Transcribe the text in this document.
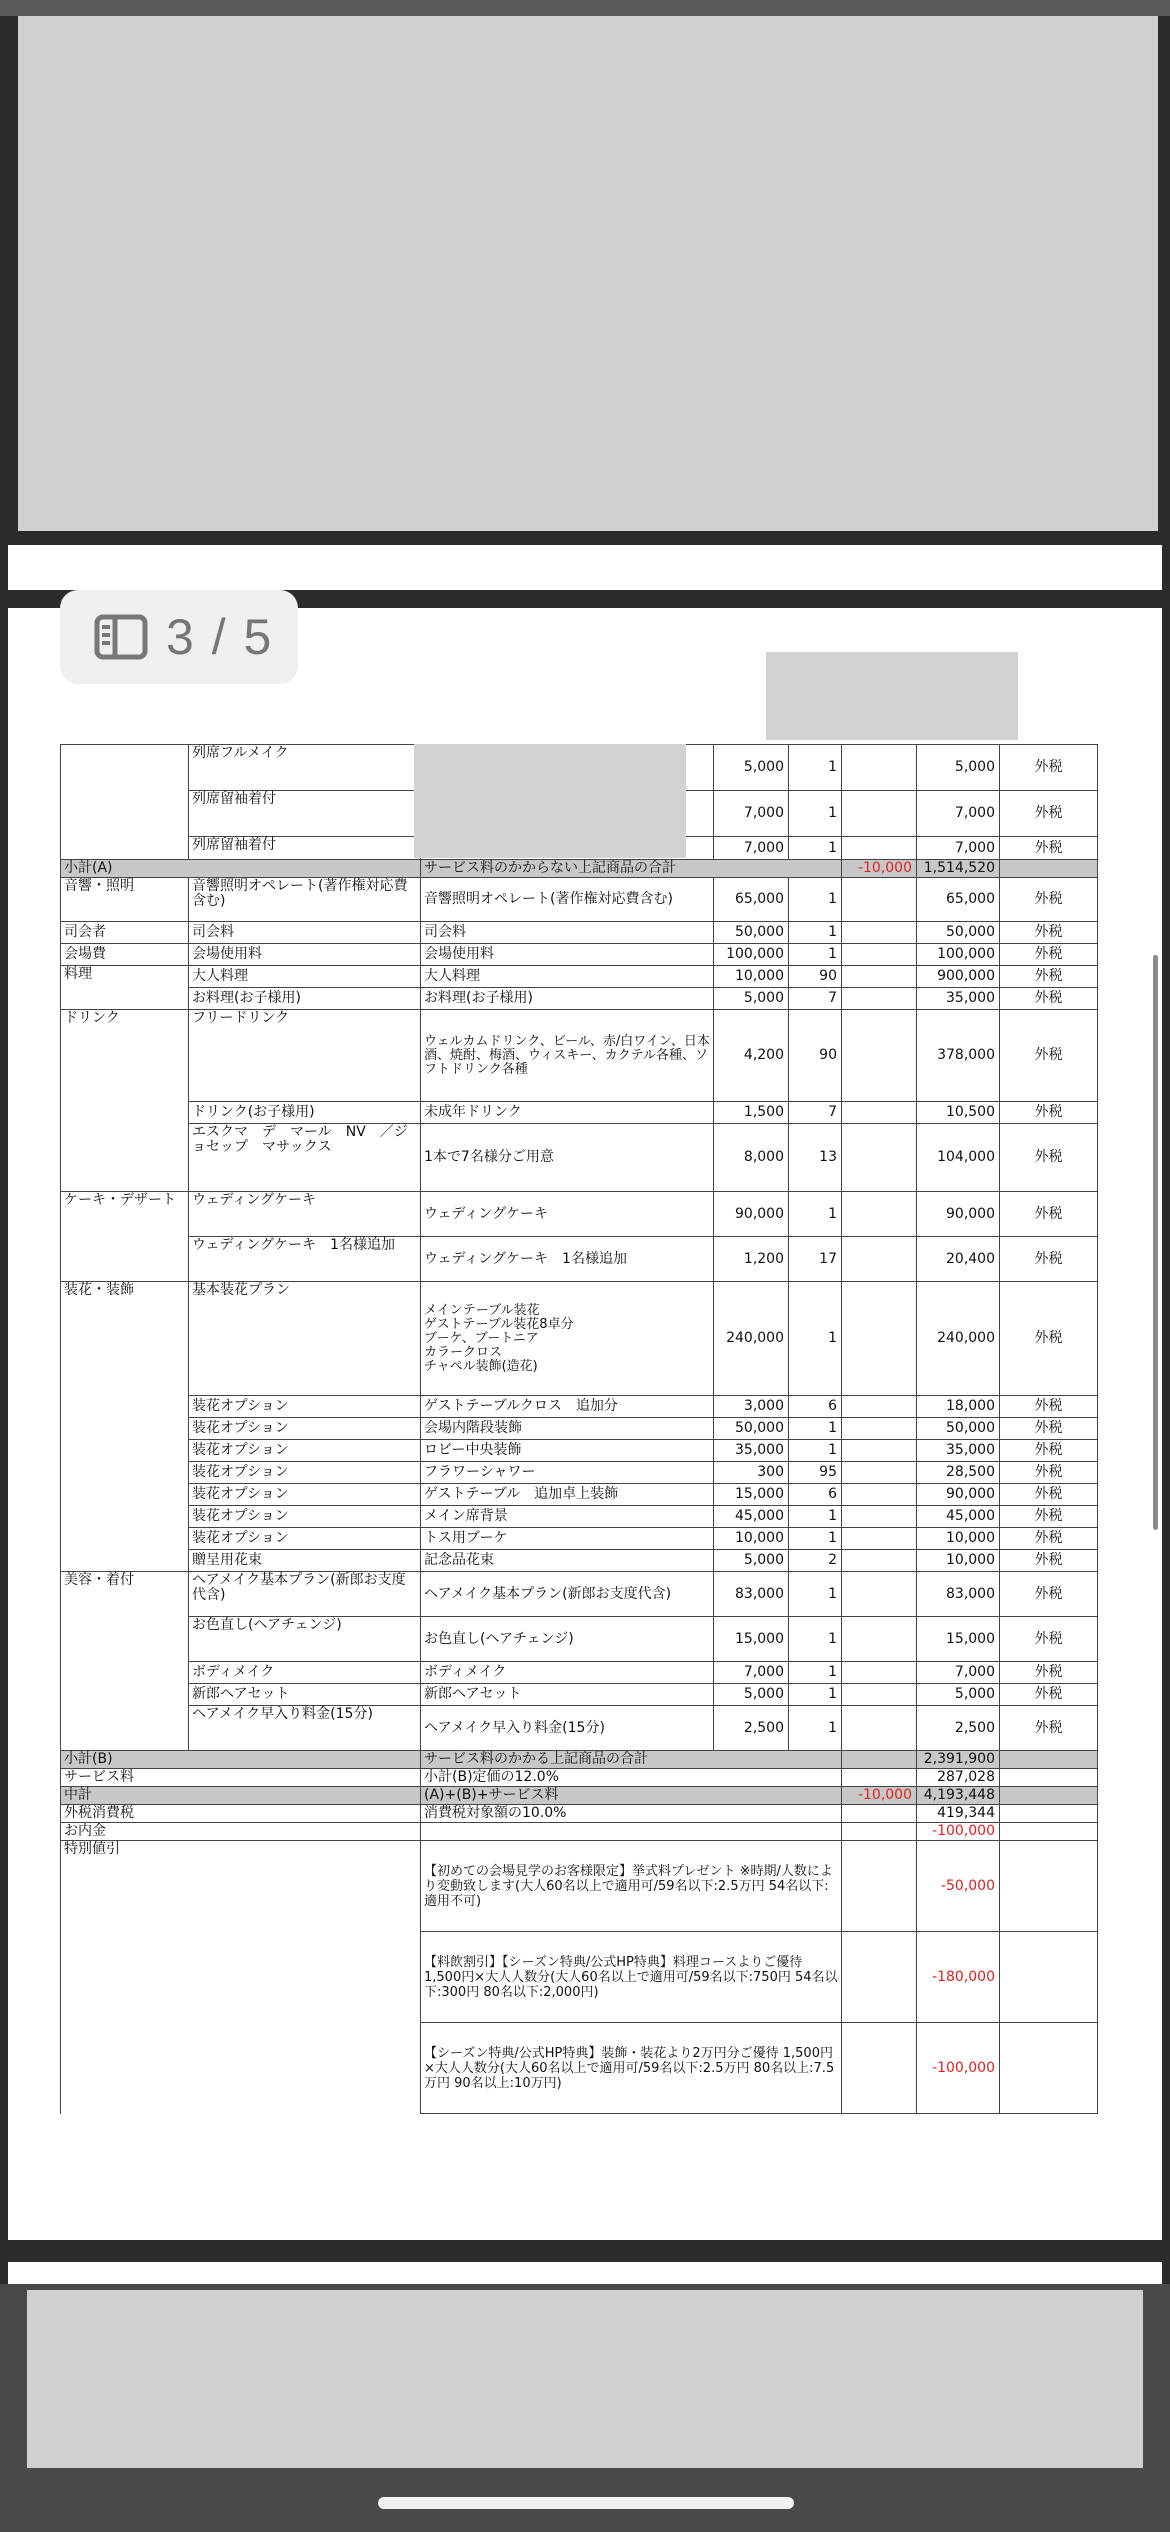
3 / 5
	列席フルメイク		5,000	1		5,000	外税
	列席留袖着付		7,000	1		7,000	外税
	列席留袖着付		7,000	1		7,000	外税
小計(A)		サービス料のかからない上記商品の合計			-10,000	1,514,520	
音響・照明	音響照明オペレート(著作権対応費含む)	音響照明オペレート(著作権対応費含む)	65,000	1		65,000	外税
司会者	司会料	司会料	50,000	1		50,000	外税
会場費	会場使用料	会場使用料	100,000	1		100,000	外税
料理	大人料理	大人料理	10,000	90		900,000	外税
	お料理(お子様用)	お料理(お子様用)	5,000	7		35,000	外税
ドリンク	フリードリンク	ウェルカムドリンク、ビール、赤/白ワイン、日本酒、焼酎、梅酒、ウィスキー、カクテル各種、ソフトドリンク各種	4,200	90		378,000	外税
	ドリンク(お子様用)	未成年ドリンク	1,500	7		10,500	外税
	エスクマ　デ　マール　NV　／ジョセップ　マサックス	1本で7名様分ご用意	8,000	13		104,000	外税
ケーキ・デザート	ウェディングケーキ	ウェディングケーキ	90,000	1		90,000	外税
	ウェディングケーキ　1名様追加	ウェディングケーキ　1名様追加	1,200	17		20,400	外税
装花・装飾	基本装花プラン	メインテーブル装花
ゲストテーブル装花8卓分
ブーケ、ブートニア
カラークロス
チャペル装飾(造花)	240,000	1		240,000	外税
	装花オプション	ゲストテーブルクロス　追加分	3,000	6		18,000	外税
	装花オプション	会場内階段装飾	50,000	1		50,000	外税
	装花オプション	ロビー中央装飾	35,000	1		35,000	外税
	装花オプション	フラワーシャワー	300	95		28,500	外税
	装花オプション	ゲストテーブル　追加卓上装飾	15,000	6		90,000	外税
	装花オプション	メイン席背景	45,000	1		45,000	外税
	装花オプション	トス用ブーケ	10,000	1		10,000	外税
	贈呈用花束	記念品花束	5,000	2		10,000	外税
美容・着付	ヘアメイク基本プラン(新郎お支度代含)	ヘアメイク基本プラン(新郎お支度代含)	83,000	1		83,000	外税
	お色直し(ヘアチェンジ)	お色直し(ヘアチェンジ)	15,000	1		15,000	外税
	ボディメイク	ボディメイク	7,000	1		7,000	外税
	新郎ヘアセット	新郎ヘアセット	5,000	1		5,000	外税
	ヘアメイク早入り料金(15分)	ヘアメイク早入り料金(15分)	2,500	1		2,500	外税
小計(B)		サービス料のかかる上記商品の合計				2,391,900	
サービス料		小計(B)定価の12.0%				287,028	
中計		(A)+(B)+サービス料			-10,000	4,193,448	
外税消費税		消費税対象額の10.0%				419,344	
お内金						-100,000	
特別値引		【初めての会場見学のお客様限定】挙式料プレゼント ※時期/人数により変動致します(大人60名以上で適用可/59名以下:2.5万円 54名以下:適用不可)				-50,000	
		【料飲割引】【シーズン特典/公式HP特典】料理コースよりご優待1,500円×大人人数分(大人60名以上で適用可/59名以下:750円 54名以下:300円 80名以下:2,000円)				-180,000	
		【シーズン特典/公式HP特典】装飾・装花より2万円分ご優待 1,500円×大人人数分(大人60名以上で適用可/59名以下:2.5万円 80名以上:7.5万円 90名以上:10万円)				-100,000	
